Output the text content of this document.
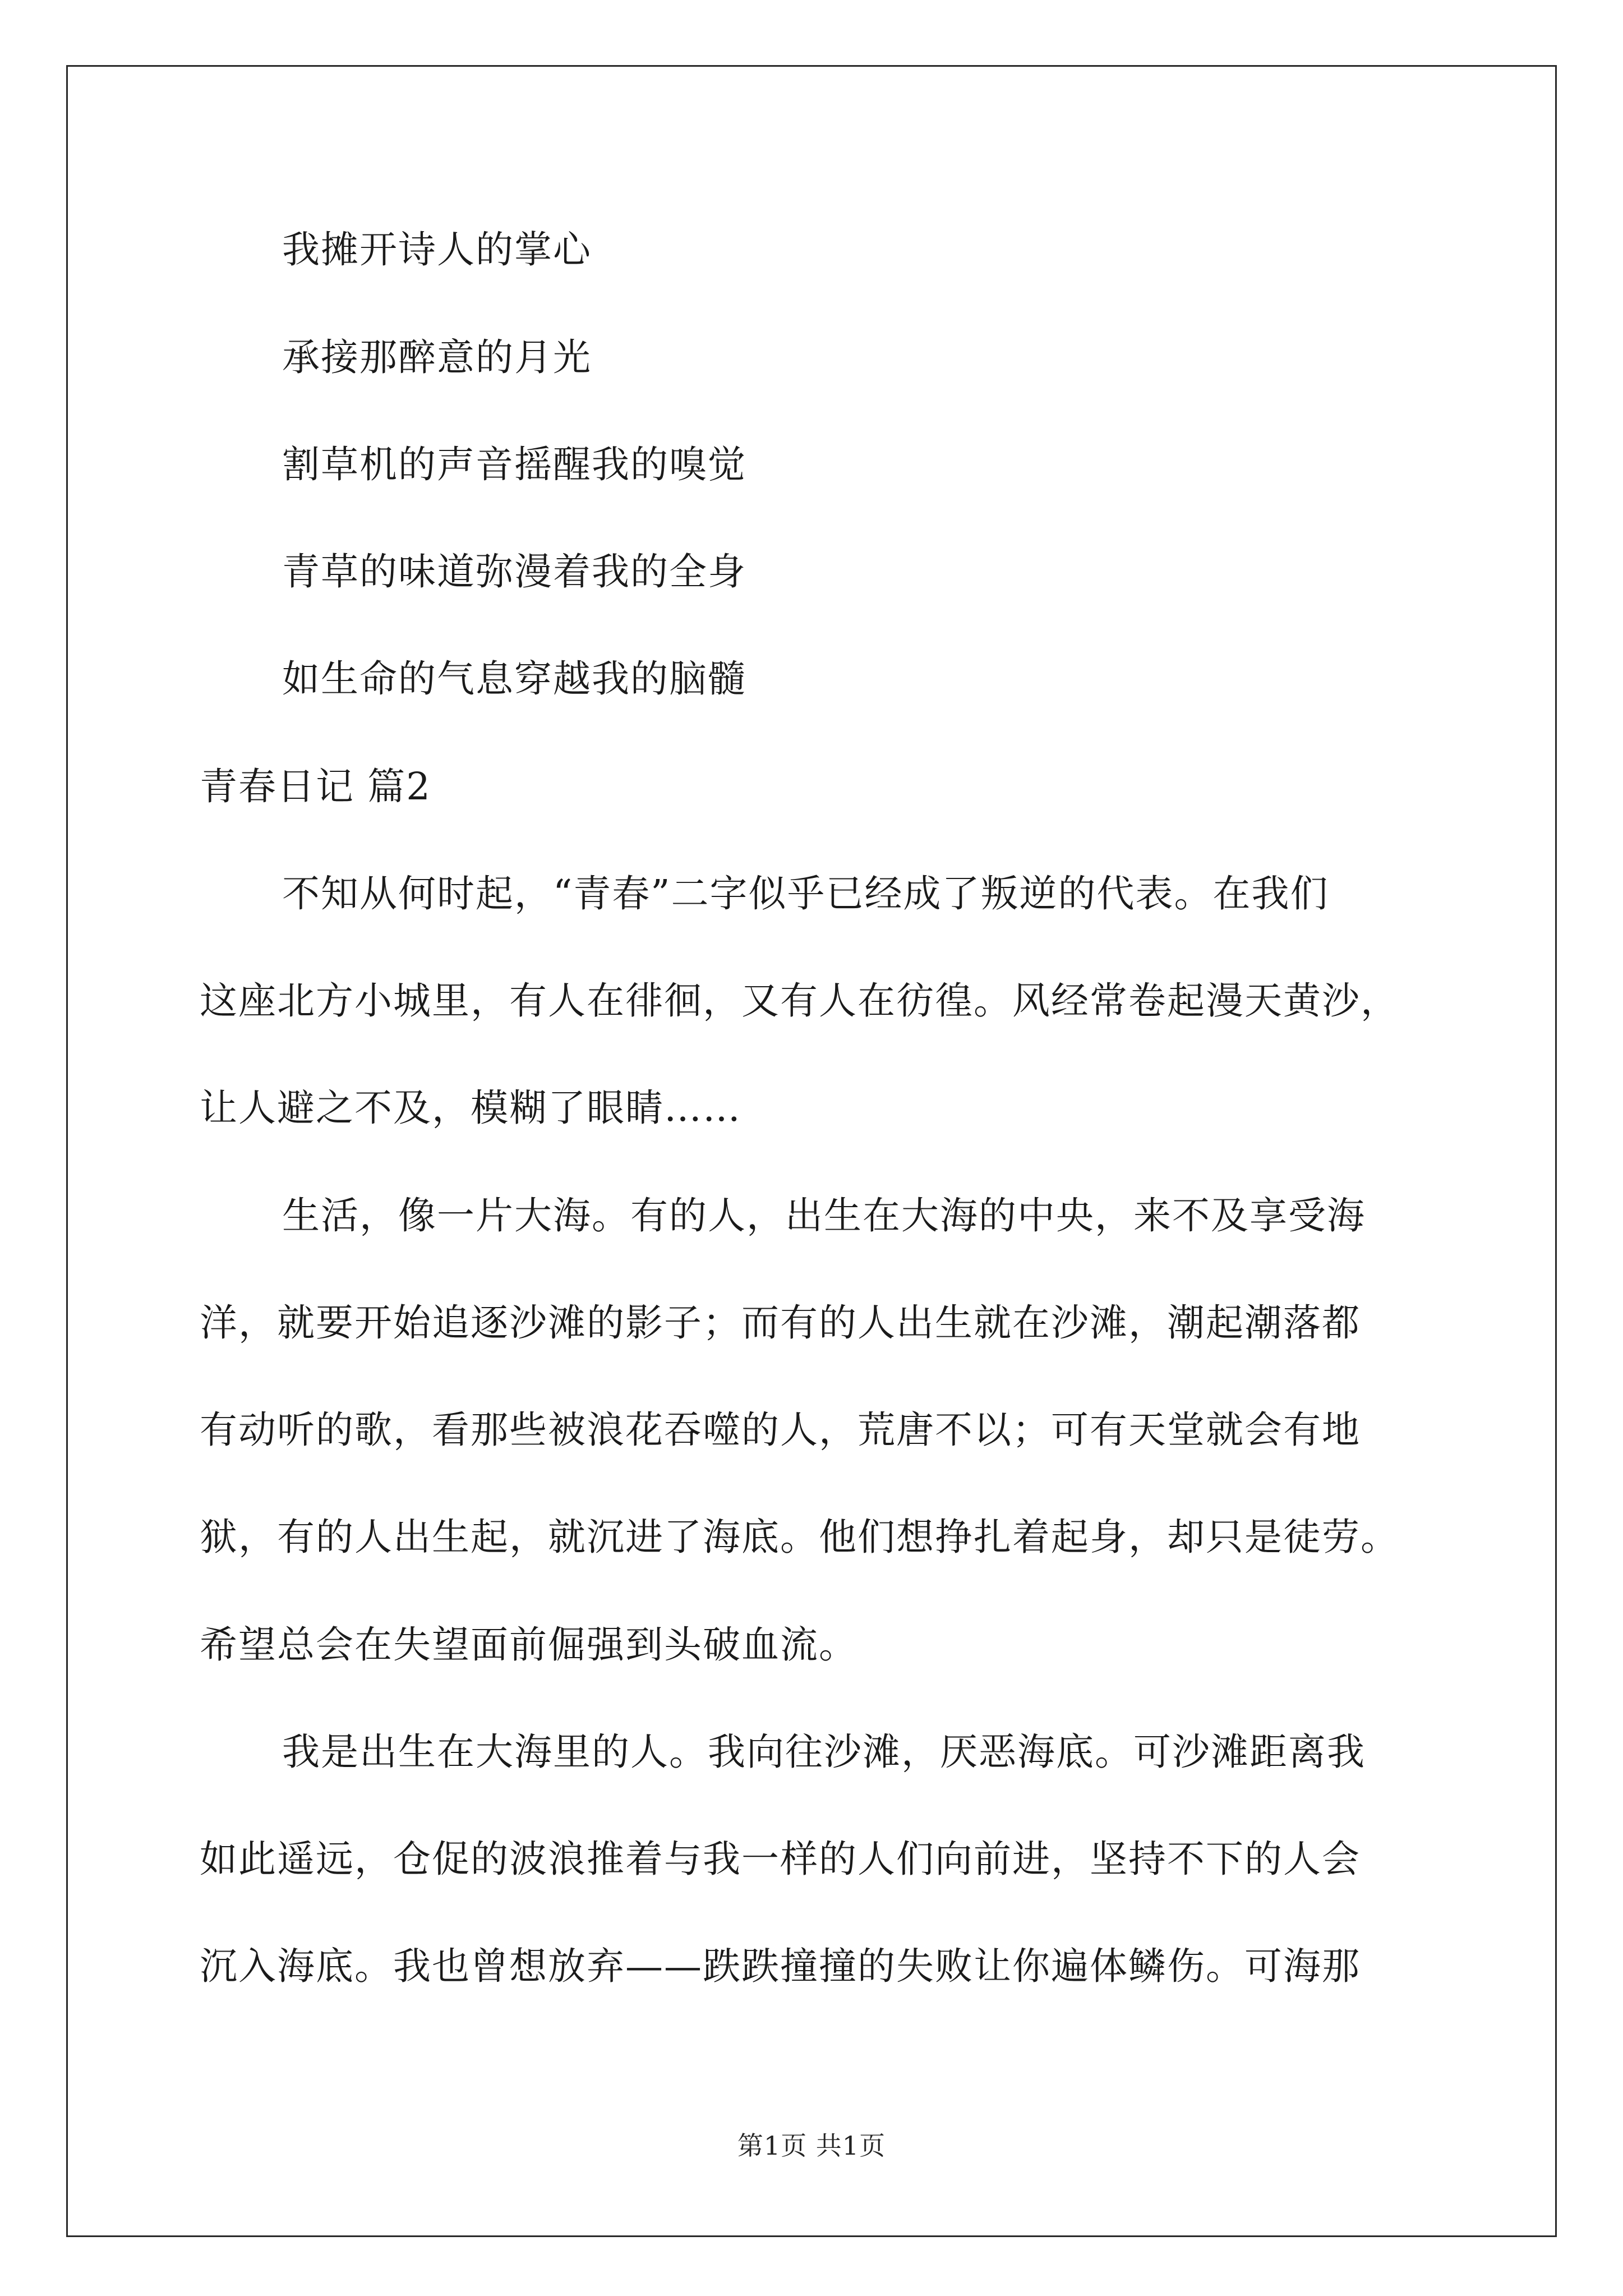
我摊开诗人的掌心
承接那醉意的月光
割草机的声音摇醒我的嗅觉
青草的味道弥漫着我的全身
如生命的气息穿越我的脑髓
青春日记 篇2
不知从何时起，“青春”二字似乎已经成了叛逆的代表。在我们
这座北方小城里，有人在徘徊，又有人在彷徨。风经常卷起漫天黄沙，
让人避之不及，模糊了眼睛……
生活，像一片大海。有的人，出生在大海的中央，来不及享受海
洋，就要开始追逐沙滩的影子；而有的人出生就在沙滩，潮起潮落都
有动听的歌，看那些被浪花吞噬的人，荒唐不以；可有天堂就会有地
狱，有的人出生起，就沉进了海底。他们想挣扎着起身，却只是徒劳。
希望总会在失望面前倔强到头破血流。
我是出生在大海里的人。我向往沙滩，厌恶海底。可沙滩距离我
如此遥远，仓促的波浪推着与我一样的人们向前进，坚持不下的人会
沉入海底。我也曾想放弃——跌跌撞撞的失败让你遍体鳞伤。可海那
第1页 共1页
